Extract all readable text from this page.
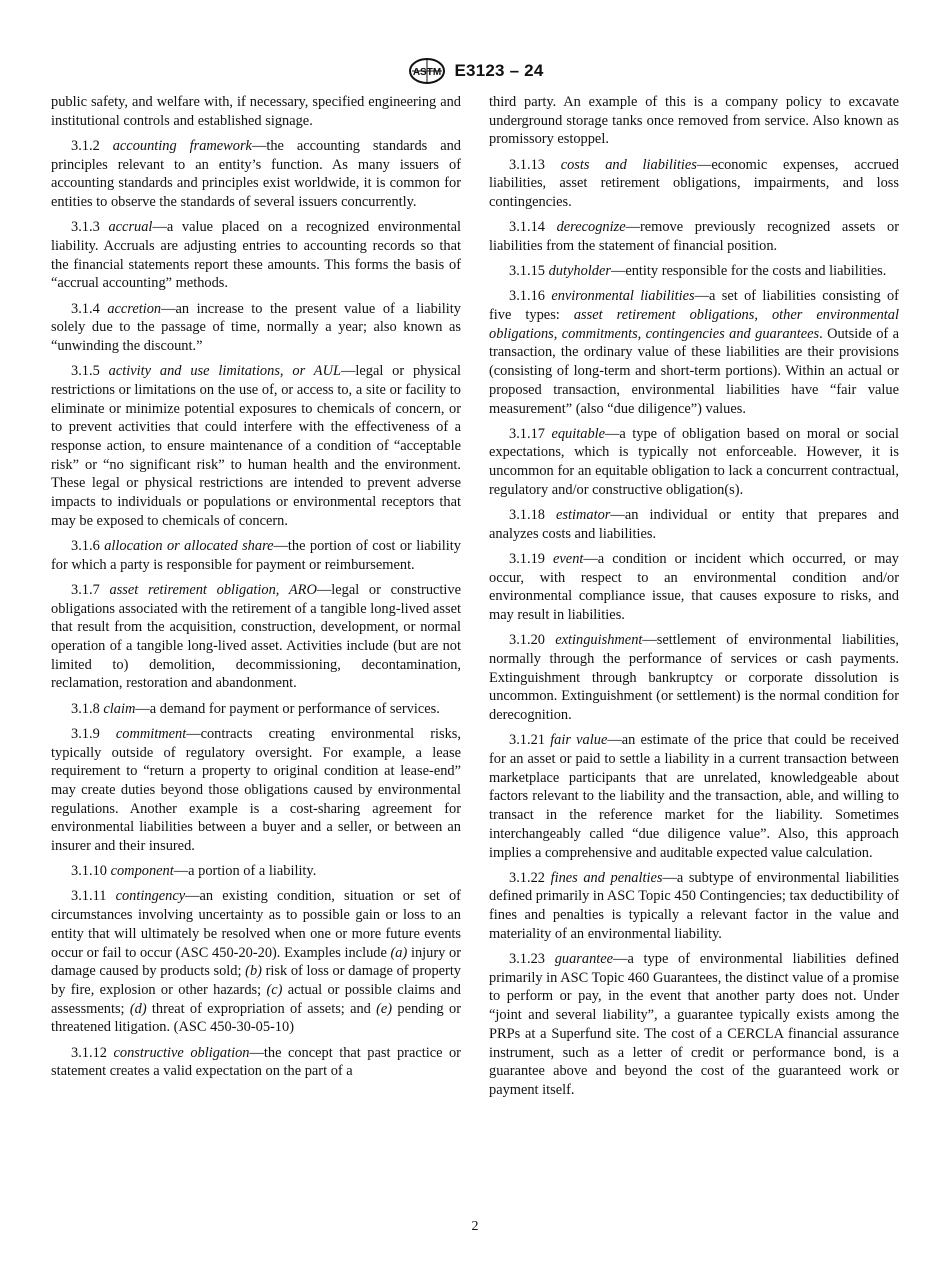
ASTM E3123 – 24

public safety, and welfare with, if necessary, specified engineering and institutional controls and established signage.

3.1.2 accounting framework—the accounting standards and principles relevant to an entity’s function. As many issuers of accounting standards and principles exist worldwide, it is common for entities to observe the standards of several issuers concurrently.

3.1.3 accrual—a value placed on a recognized environmental liability. Accruals are adjusting entries to accounting records so that the financial statements report these amounts. This forms the basis of “accrual accounting” methods.

3.1.4 accretion—an increase to the present value of a liability solely due to the passage of time, normally a year; also known as “unwinding the discount.”

3.1.5 activity and use limitations, or AUL—legal or physical restrictions or limitations on the use of, or access to, a site or facility to eliminate or minimize potential exposures to chemicals of concern, or to prevent activities that could interfere with the effectiveness of a response action, to ensure maintenance of a condition of “acceptable risk” or “no significant risk” to human health and the environment. These legal or physical restrictions are intended to prevent adverse impacts to individuals or populations or environmental receptors that may be exposed to chemicals of concern.

3.1.6 allocation or allocated share—the portion of cost or liability for which a party is responsible for payment or reimbursement.

3.1.7 asset retirement obligation, ARO—legal or constructive obligations associated with the retirement of a tangible long-lived asset that result from the acquisition, construction, development, or normal operation of a tangible long-lived asset. Activities include (but are not limited to) demolition, decommissioning, decontamination, reclamation, restoration and abandonment.

3.1.8 claim—a demand for payment or performance of services.

3.1.9 commitment—contracts creating environmental risks, typically outside of regulatory oversight. For example, a lease requirement to “return a property to original condition at lease-end” may create duties beyond those obligations caused by environmental regulations. Another example is a cost-sharing agreement for environmental liabilities between a buyer and a seller, or between an insurer and their insured.

3.1.10 component—a portion of a liability.

3.1.11 contingency—an existing condition, situation or set of circumstances involving uncertainty as to possible gain or loss to an entity that will ultimately be resolved when one or more future events occur or fail to occur (ASC 450-20-20). Examples include (a) injury or damage caused by products sold; (b) risk of loss or damage of property by fire, explosion or other hazards; (c) actual or possible claims and assessments; (d) threat of expropriation of assets; and (e) pending or threatened litigation. (ASC 450-30-05-10)

3.1.12 constructive obligation—the concept that past practice or statement creates a valid expectation on the part of a

third party. An example of this is a company policy to excavate underground storage tanks once removed from service. Also known as promissory estoppel.

3.1.13 costs and liabilities—economic expenses, accrued liabilities, asset retirement obligations, impairments, and loss contingencies.

3.1.14 derecognize—remove previously recognized assets or liabilities from the statement of financial position.

3.1.15 dutyholder—entity responsible for the costs and liabilities.

3.1.16 environmental liabilities—a set of liabilities consisting of five types: asset retirement obligations, other environmental obligations, commitments, contingencies and guarantees. Outside of a transaction, the ordinary value of these liabilities are their provisions (consisting of long-term and short-term portions). Within an actual or proposed transaction, environmental liabilities have “fair value measurement” (also “due diligence”) values.

3.1.17 equitable—a type of obligation based on moral or social expectations, which is typically not enforceable. However, it is uncommon for an equitable obligation to lack a concurrent contractual, regulatory and/or constructive obligation(s).

3.1.18 estimator—an individual or entity that prepares and analyzes costs and liabilities.

3.1.19 event—a condition or incident which occurred, or may occur, with respect to an environmental condition and/or environmental compliance issue, that causes exposure to risks, and may result in liabilities.

3.1.20 extinguishment—settlement of environmental liabilities, normally through the performance of services or cash payments. Extinguishment through bankruptcy or corporate dissolution is uncommon. Extinguishment (or settlement) is the normal condition for derecognition.

3.1.21 fair value—an estimate of the price that could be received for an asset or paid to settle a liability in a current transaction between marketplace participants that are unrelated, knowledgeable about factors relevant to the liability and the transaction, able, and willing to transact in the reference market for the liability. Sometimes interchangeably called “due diligence value”. Also, this approach implies a comprehensive and auditable expected value calculation.

3.1.22 fines and penalties—a subtype of environmental liabilities defined primarily in ASC Topic 450 Contingencies; tax deductibility of fines and penalties is typically a relevant factor in the value and materiality of an environmental liability.

3.1.23 guarantee—a type of environmental liabilities defined primarily in ASC Topic 460 Guarantees, the distinct value of a promise to perform or pay, in the event that another party does not. Under “joint and several liability”, a guarantee typically exists among the PRPs at a Superfund site. The cost of a CERCLA financial assurance instrument, such as a letter of credit or performance bond, is a guarantee above and beyond the cost of the guaranteed work or payment itself.

2
